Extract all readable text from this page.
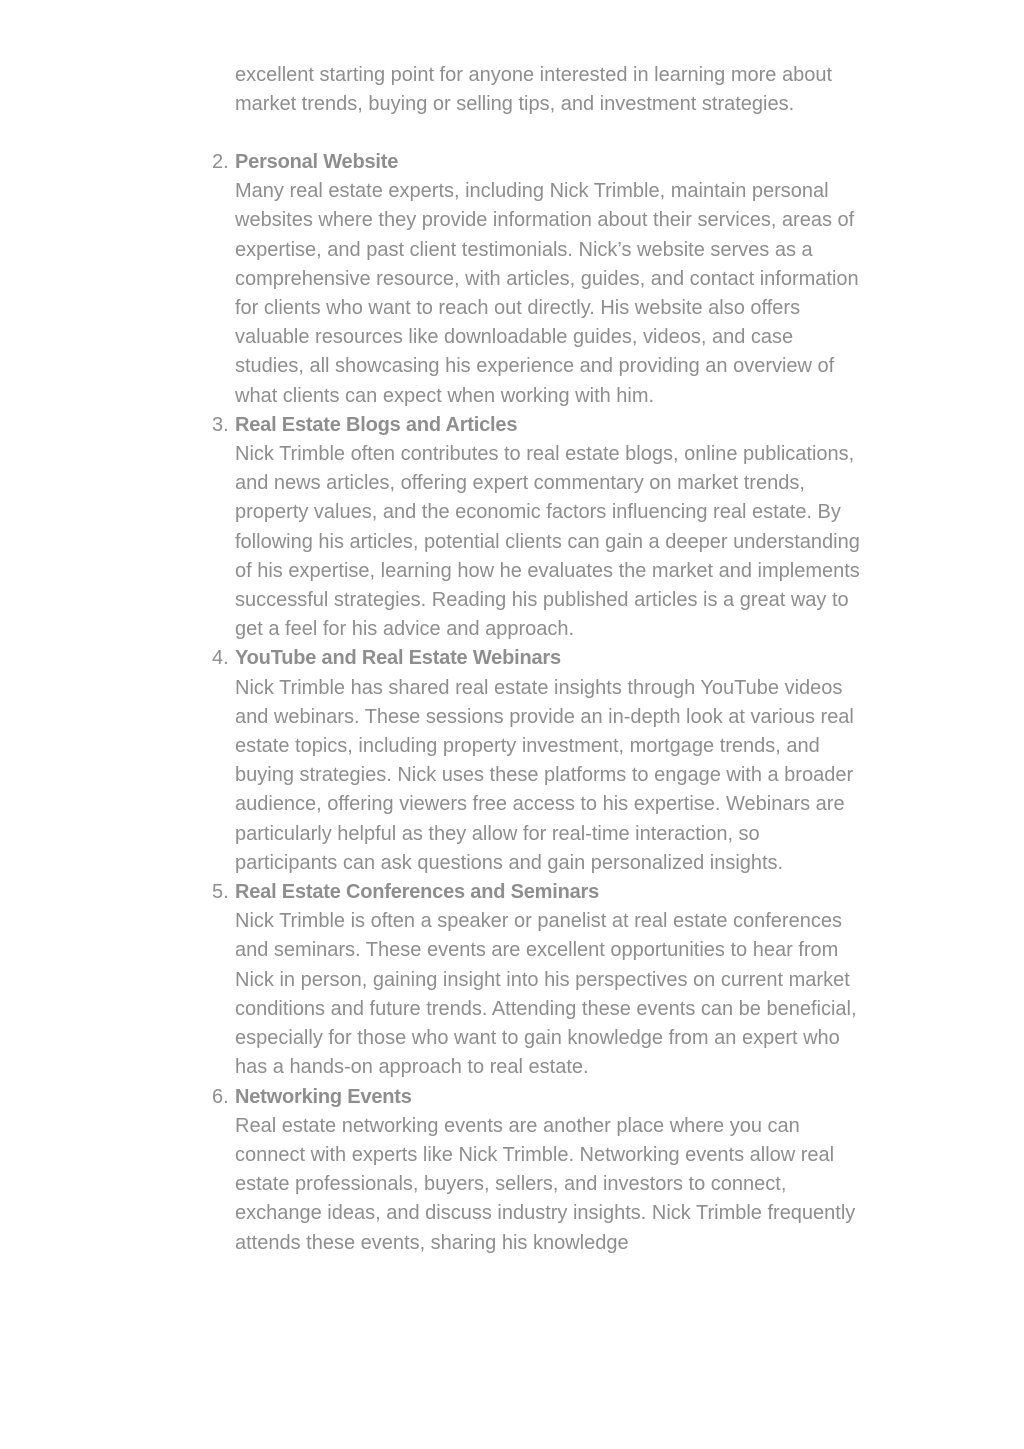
excellent starting point for anyone interested in learning more about market trends, buying or selling tips, and investment strategies.

2. Personal Website
Many real estate experts, including Nick Trimble, maintain personal websites where they provide information about their services, areas of expertise, and past client testimonials. Nick’s website serves as a comprehensive resource, with articles, guides, and contact information for clients who want to reach out directly. His website also offers valuable resources like downloadable guides, videos, and case studies, all showcasing his experience and providing an overview of what clients can expect when working with him.
3. Real Estate Blogs and Articles
Nick Trimble often contributes to real estate blogs, online publications, and news articles, offering expert commentary on market trends, property values, and the economic factors influencing real estate. By following his articles, potential clients can gain a deeper understanding of his expertise, learning how he evaluates the market and implements successful strategies. Reading his published articles is a great way to get a feel for his advice and approach.
4. YouTube and Real Estate Webinars
Nick Trimble has shared real estate insights through YouTube videos and webinars. These sessions provide an in-depth look at various real estate topics, including property investment, mortgage trends, and buying strategies. Nick uses these platforms to engage with a broader audience, offering viewers free access to his expertise. Webinars are particularly helpful as they allow for real-time interaction, so participants can ask questions and gain personalized insights.
5. Real Estate Conferences and Seminars
Nick Trimble is often a speaker or panelist at real estate conferences and seminars. These events are excellent opportunities to hear from Nick in person, gaining insight into his perspectives on current market conditions and future trends. Attending these events can be beneficial, especially for those who want to gain knowledge from an expert who has a hands-on approach to real estate.
6. Networking Events
Real estate networking events are another place where you can connect with experts like Nick Trimble. Networking events allow real estate professionals, buyers, sellers, and investors to connect, exchange ideas, and discuss industry insights. Nick Trimble frequently attends these events, sharing his knowledge
